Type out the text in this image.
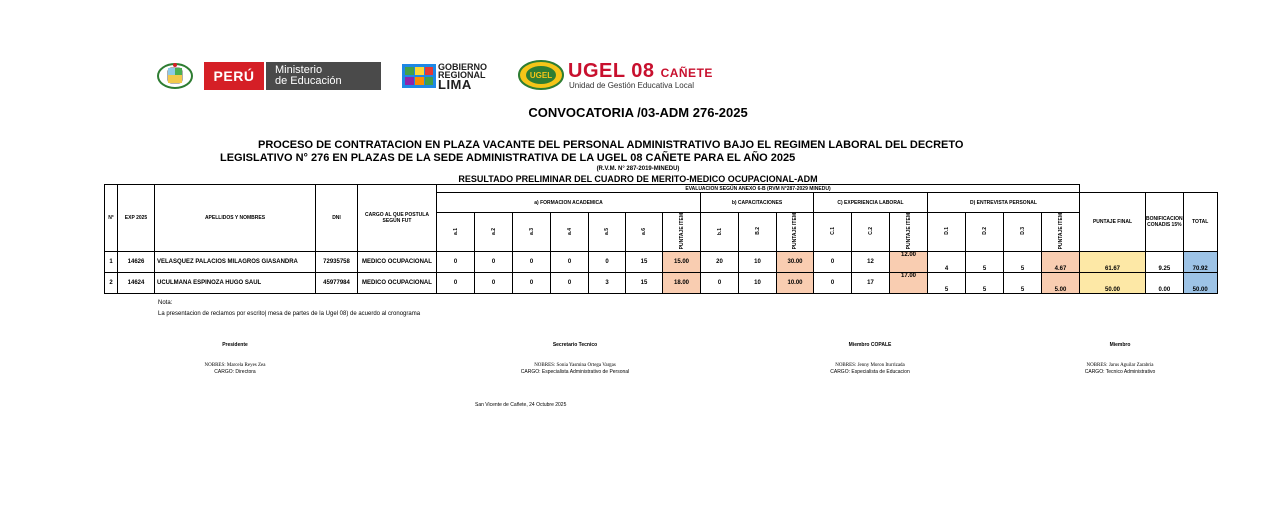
PERÚ Ministerio
de Educación
GOBIERNO
REGIONAL
LIMA
UGEL UGEL 08 CAÑETE
Unidad de Gestión Educativa Local
CONVOCATORIA /03-ADM 276-2025
PROCESO DE CONTRATACION EN PLAZA VACANTE DEL PERSONAL ADMINISTRATIVO BAJO EL REGIMEN LABORAL DEL DECRETO
LEGISLATIVO N° 276 EN PLAZAS DE LA SEDE ADMINISTRATIVA DE LA UGEL 08 CAÑETE PARA EL AÑO 2025
(R.V.M. N° 287-2019-MINEDU)
RESULTADO PRELIMINAR DEL CUADRO DE MERITO-MEDICO OCUPACIONAL-ADM
N°	EXP 2025	APELLIDOS Y NOMBRES	DNI	CARGO AL QUE POSTULA SEGÚN FUT	EVALUACION SEGÚN ANEXO 6-B (RVM N°287-2029 MINEDU)																			
					a) FORMACION ACADEMICA							b) CAPACITACIONES			C) EXPERIENCIA LABORAL			D) ENTREVISTA PERSONAL				PUNTAJE FINAL	BONIFICACION CONADIS 15%	TOTAL
					a.1	a.2	a.3	a.4	a.5	a.6	PUNTAJE ITEM	b.1	B.2	PUNTAJE ITEM	C.1	C.2	PUNTAJE ITEM	D.1	D.2	D.3	PUNTAJE ITEM			
1	14626	VELASQUEZ PALACIOS MILAGROS GIASANDRA	72935758	MEDICO OCUPACIONAL	0	0	0	0	0	15	15.00	20	10	30.00	0	12	12.00	4	5	5	4.67	61.67	9.25	70.92
2	14624	UCULMANA ESPINOZA HUGO SAUL	45977984	MEDICO OCUPACIONAL	0	0	0	0	3	15	18.00	0	10	10.00	0	17	17.00	5	5	5	5.00	50.00	0.00	50.00
Nota:
La presentacion de reclamos por escrito| mesa de partes de la Ugel 08) de acuerdo al cronograma
Presidente
NOBRES: Marcela Reyes Zea
CARGO: Directora
Secretario Tecnico
NOBRES: Sonia Yasmina Ortega Vargas
CARGO: Especialista Administrativo de Personal
Miembro COPALE
NOBRES: Jenny Moron Iturrizada
CARGO: Especialista de Educacion
Miembro
NOBRES: Jarus Aguilar Zarabria
CARGO: Tecnico Administrativo
San Vicente de Cañete, 24 Octubre 2025
